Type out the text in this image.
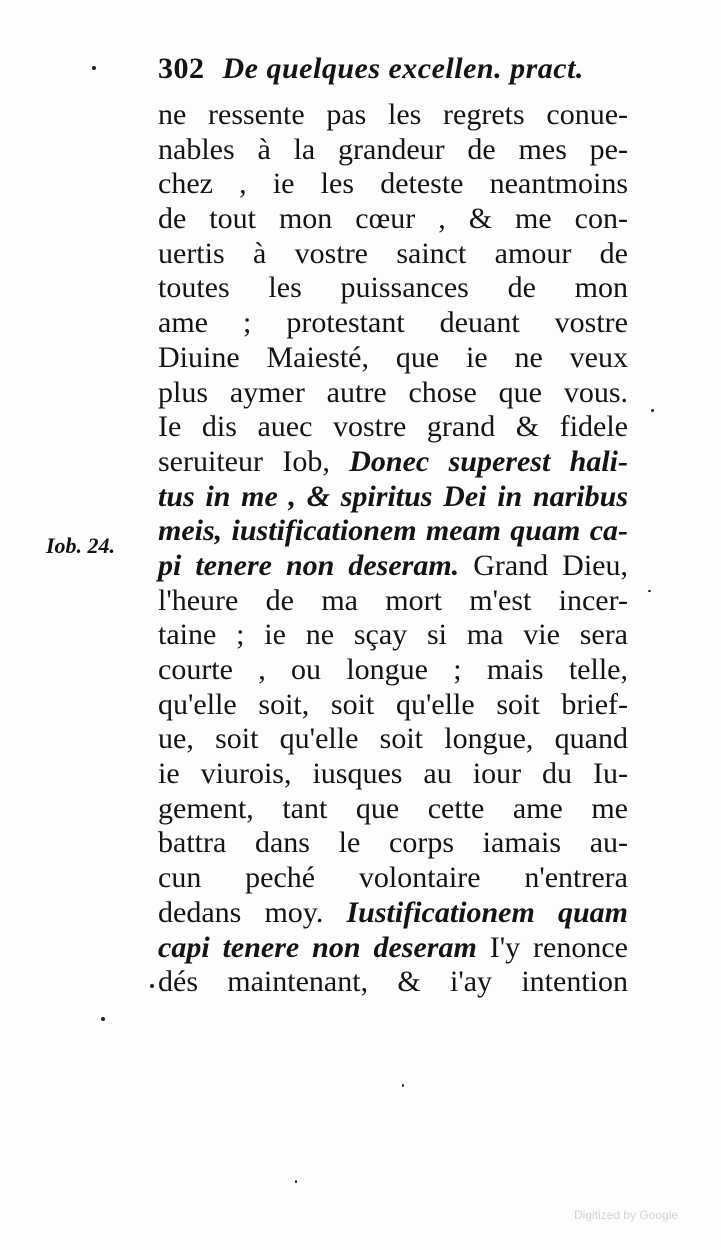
302 De quelques excellen. pract.
Iob. 24.
ne ressente pas les regrets conue-
nables à la grandeur de mes pe-
chez , ie les deteste neantmoins
de tout mon cœur , & me con-
uertis à vostre sainct amour de
toutes les puissances de mon
ame ; protestant deuant vostre
Diuine Maiesté, que ie ne veux
plus aymer autre chose que vous.
Ie dis auec vostre grand & fidele
seruiteur Iob, Donec superest hali-
tus in me , & spiritus Dei in naribus
meis, iustificationem meam quam ca-
pi tenere non deseram. Grand Dieu,
l'heure de ma mort m'est incer-
taine ; ie ne sçay si ma vie sera
courte , ou longue ; mais telle,
qu'elle soit, soit qu'elle soit brief-
ue, soit qu'elle soit longue, quand
ie viurois, iusques au iour du Iu-
gement, tant que cette ame me
battra dans le corps iamais au-
cun peché volontaire n'entrera
dedans moy. Iustificationem quam
capi tenere non deseram I'y renonce
dés maintenant, & i'ay intention
Digitized by Google
